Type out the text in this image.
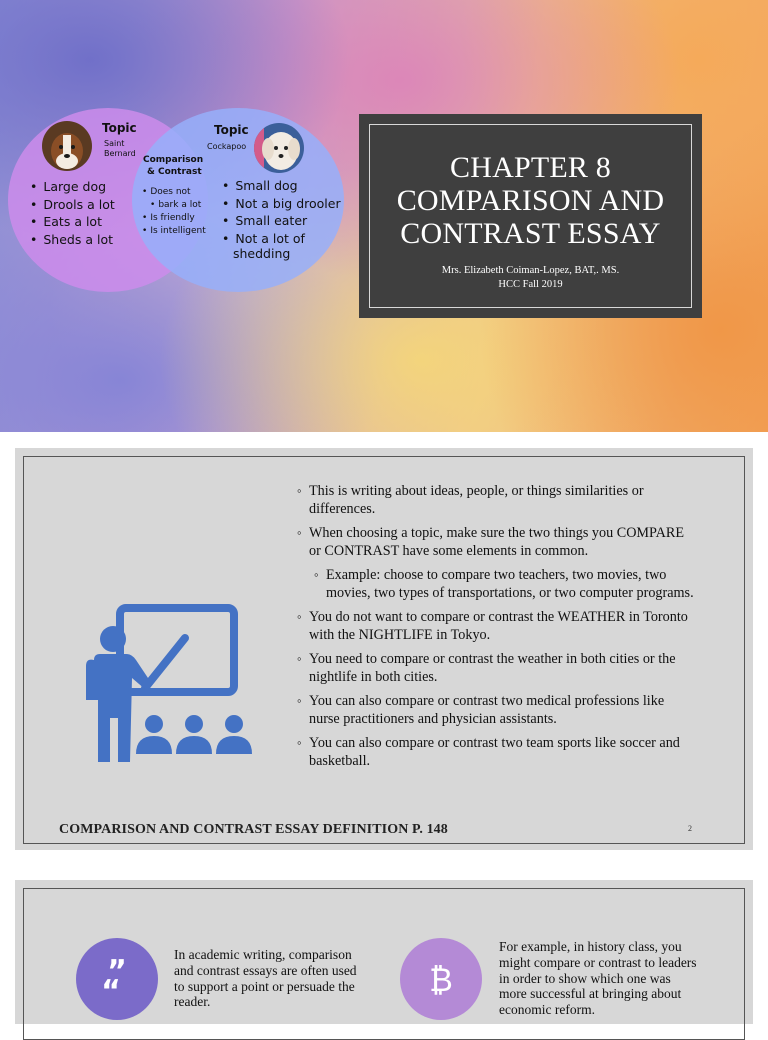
Topic
Saint
Bernard
• Large dog
• Drools a lot
• Eats a lot
• Sheds a lot
Comparison
& Contrast
• Does not
• bark a lot
• Is friendly
• Is intelligent
Topic
Cockapoo
• Small dog
• Not a big drooler
• Small eater
• Not a lot of
shedding
CHAPTER 8
COMPARISON AND
CONTRAST ESSAY
Mrs. Elizabeth Coiman-Lopez, BAT,. MS.
HCC Fall 2019
◦ This is writing about ideas, people, or things similarities or differences.
◦ When choosing a topic, make sure the two things you COMPARE or CONTRAST have some elements in common.
◦ Example: choose to compare two teachers, two movies, two movies, two types of transportations, or two computer programs.
◦ You do not want to compare or contrast the WEATHER in Toronto with the NIGHTLIFE in Tokyo.
◦ You need to compare or contrast the weather in both cities or the nightlife in both cities.
◦ You can also compare or contrast two medical professions like nurse practitioners and physician assistants.
◦ You can also compare or contrast two team sports like soccer and basketball.
COMPARISON AND CONTRAST ESSAY DEFINITION P. 148	2
”
“
In academic writing, comparison and contrast essays are often used to support a point or persuade the reader.
₿
For example, in history class, you might compare or contrast to leaders in order to show which one was more successful at bringing about economic reform.
